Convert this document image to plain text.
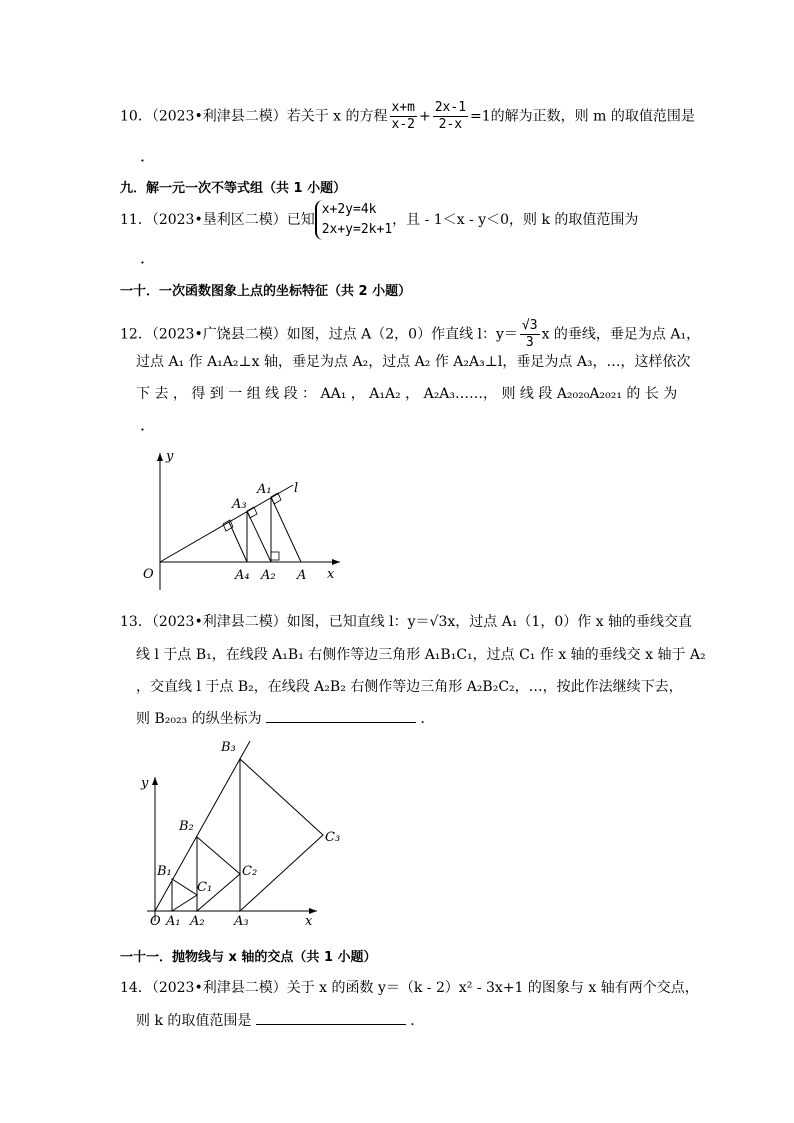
10．（2023•利津县二模）若关于 x 的方程 $\frac{x+m}{x-2} + \frac{2x-1}{2-x} =1$的解为正数，则 m 的取值范围是
．
九．解一元一次不等式组（共 1 小题）
11．（2023•垦利区二模）已知
x+2y=4k
2x+y=2k+1
，且 - 1＜x - y＜0，则 k 的取值范围为
．
一十．一次函数图象上点的坐标特征（共 2 小题）
12．（2023•广饶县二模）如图，过点 A（2，0）作直线 l：$y= \frac{√3}{3}$ x 的垂线，垂足为点 A₁，
过点 A₁ 作 A₁A₂⊥x 轴，垂足为点 A₂，过点 A₂ 作 A₂A₃⊥l，垂足为点 A₃，…，这样依次
下 去 ， 得 到 一 组 线 段 ： AA₁ ， A₁A₂ ， A₂A₃……， 则 线 段 A₂₀₂₀A₂₀₂₁ 的 长 为
．
y
x
O
l
A
A₁
A₂
A₃
A₄
13．（2023•利津县二模）如图，已知直线 l：y＝√3x，过点 A₁（1，0）作 x 轴的垂线交直
线 l 于点 B₁，在线段 A₁B₁ 右侧作等边三角形 A₁B₁C₁，过点 C₁ 作 x 轴的垂线交 x 轴于 A₂
，交直线 l 于点 B₂，在线段 A₂B₂ 右侧作等边三角形 A₂B₂C₂，…，按此作法继续下去，
则 B₂₀₂₃ 的纵坐标为	．
y
x
O A₁ A₂ A₃
B₁
B₂
B₃
C₁
C₂
C₃
一十一．抛物线与 x 轴的交点（共 1 小题）
14．（2023•利津县二模）关于 x 的函数 y＝（k - 2）x² - 3x+1 的图象与 x 轴有两个交点，
则 k 的取值范围是	．
